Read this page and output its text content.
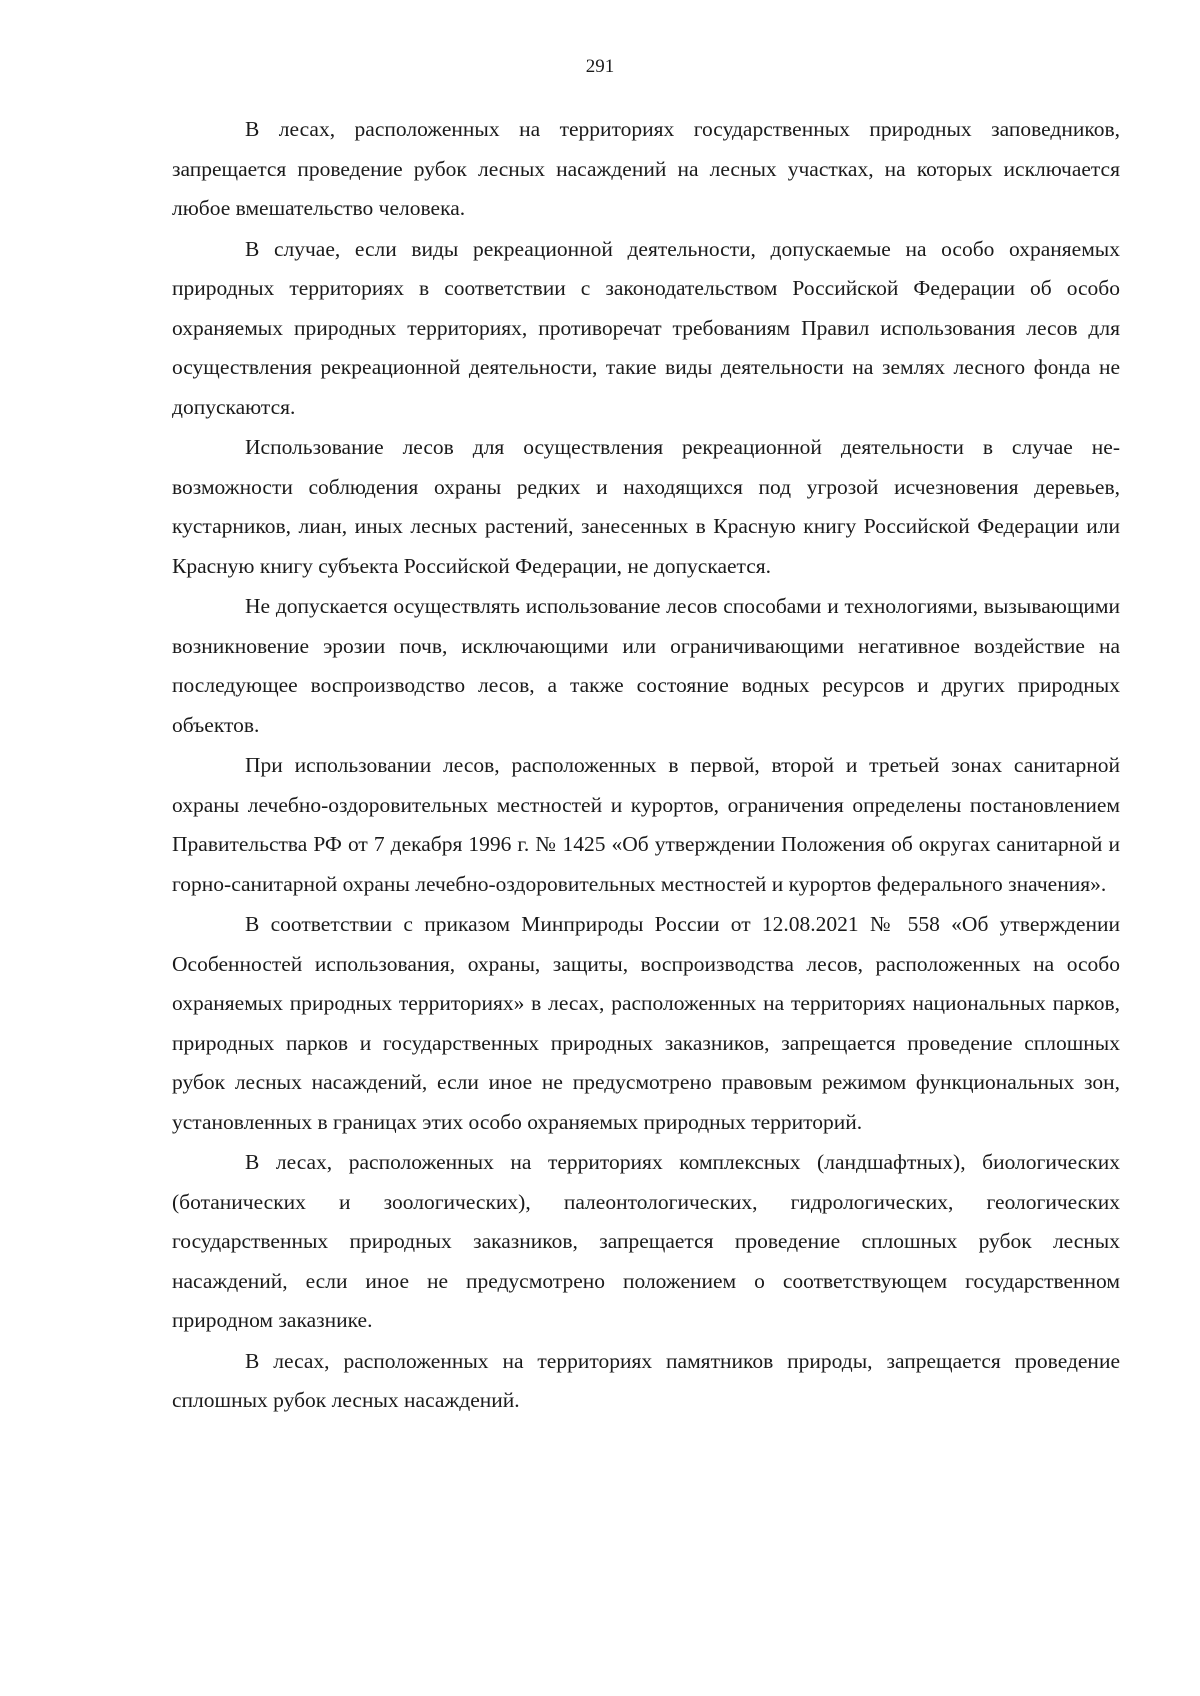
291

В лесах, расположенных на территориях государственных природных заповедников, запрещается проведение рубок лесных насаждений на лесных участках, на которых исключается любое вмешательство человека.

В случае, если виды рекреационной деятельности, допускаемые на особо охраняемых природных территориях в соответствии с законодательством Российской Федерации об особо охраняемых природных территориях, противоречат требованиям Правил использования лесов для осуществления рекреационной деятельности, такие виды деятельности на землях лесного фонда не допускаются.

Использование лесов для осуществления рекреационной деятельности в случае невозможности соблюдения охраны редких и находящихся под угрозой исчезновения деревьев, кустарников, лиан, иных лесных растений, занесенных в Красную книгу Российской Федерации или Красную книгу субъекта Российской Федерации, не допускается.

Не допускается осуществлять использование лесов способами и технологиями, вызывающими возникновение эрозии почв, исключающими или ограничивающими негативное воздействие на последующее воспроизводство лесов, а также состояние водных ресурсов и других природных объектов.

При использовании лесов, расположенных в первой, второй и третьей зонах санитарной охраны лечебно-оздоровительных местностей и курортов, ограничения определены постановлением Правительства РФ от 7 декабря 1996 г. № 1425 «Об утверждении Положения об округах санитарной и горно-санитарной охраны лечебно-оздоровительных местностей и курортов федерального значения».

В соответствии с приказом Минприроды России от 12.08.2021 № 558 «Об утверждении Особенностей использования, охраны, защиты, воспроизводства лесов, расположенных на особо охраняемых природных территориях» в лесах, расположенных на территориях национальных парков, природных парков и государственных природных заказников, запрещается проведение сплошных рубок лесных насаждений, если иное не предусмотрено правовым режимом функциональных зон, установленных в границах этих особо охраняемых природных территорий.

В лесах, расположенных на территориях комплексных (ландшафтных), биологических (ботанических и зоологических), палеонтологических, гидрологических, геологических государственных природных заказников, запрещается проведение сплошных рубок лесных насаждений, если иное не предусмотрено положением о соответствующем государственном природном заказнике.

В лесах, расположенных на территориях памятников природы, запрещается проведение сплошных рубок лесных насаждений.
